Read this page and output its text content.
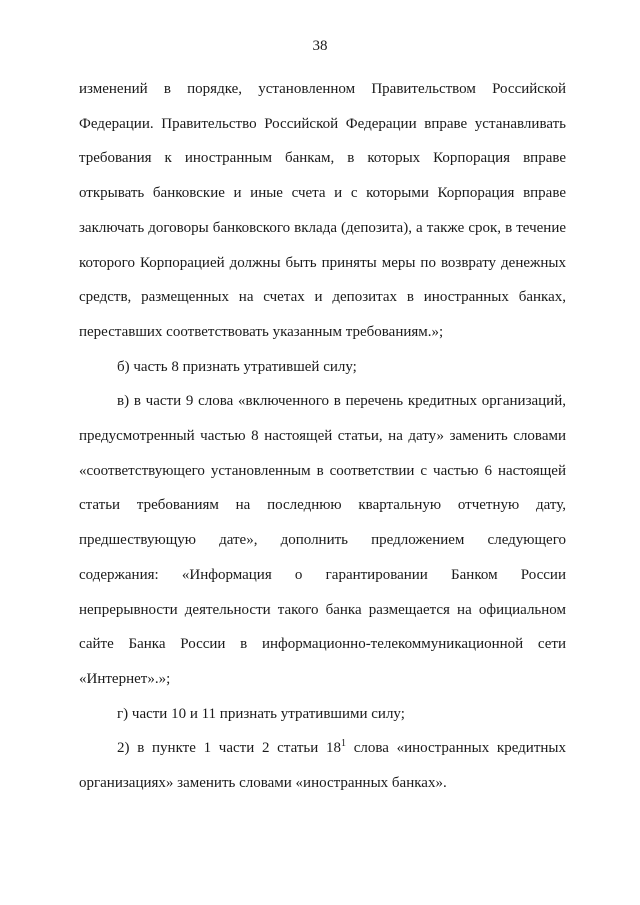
38

изменений в порядке, установленном Правительством Российской Федерации. Правительство Российской Федерации вправе устанавливать требования к иностранным банкам, в которых Корпорация вправе открывать банковские и иные счета и с которыми Корпорация вправе заключать договоры банковского вклада (депозита), а также срок, в течение которого Корпорацией должны быть приняты меры по возврату денежных средств, размещенных на счетах и депозитах в иностранных банках, переставших соответствовать указанным требованиям.»;

б) часть 8 признать утратившей силу;

в) в части 9 слова «включенного в перечень кредитных организаций, предусмотренный частью 8 настоящей статьи, на дату» заменить словами «соответствующего установленным в соответствии с частью 6 настоящей статьи требованиям на последнюю квартальную отчетную дату, предшествующую дате», дополнить предложением следующего содержания: «Информация о гарантировании Банком России непрерывности деятельности такого банка размещается на официальном сайте Банка России в информационно-телекоммуникационной сети «Интернет».»;

г) части 10 и 11 признать утратившими силу;

2) в пункте 1 части 2 статьи $18^1$ слова «иностранных кредитных организациях» заменить словами «иностранных банках».
